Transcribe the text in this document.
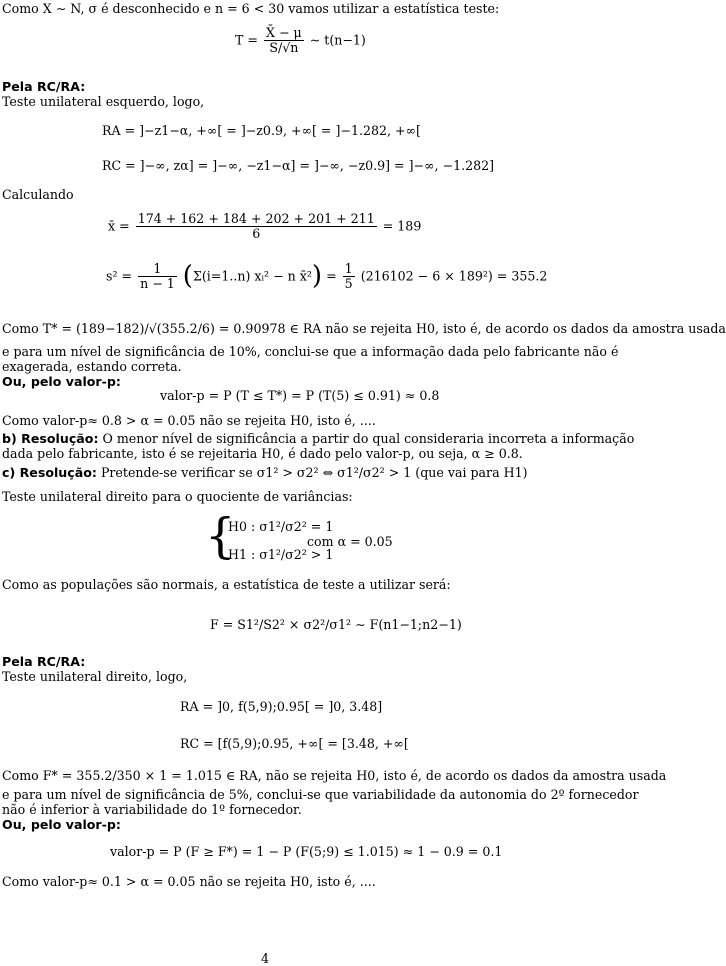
Como X ∼ N, σ é desconhecido e n = 6 < 30 vamos utilizar a estatística teste:
$T = \frac{X̄ - \mu}{S/√n}$ ∼ t(n−1)
Pela RC/RA:
Teste unilateral esquerdo, logo,
RA = ]−z1−α, +∞[ = ]−z0.9, +∞[ = ]−1.282, +∞[
RC = ]−∞, zα] = ]−∞, −z1−α] = ]−∞, −z0.9] = ]−∞, −1.282]
Calculando
x̄ = $\frac{174 + 162 + 184 + 202 + 201 + 211}{6} = 189$
$s^2 = \frac{1}{n - 1} (\Sigma(i=1..n)$ xᵢ² − n x̄²) = $\frac{1}{5} (216102 - 6 \times 189^2) = 355.2$
Como T* = (189−182)/√(355.2/6) = 0.90978 ∈ RA não se rejeita H0, isto é, de acordo os dados da amostra usada
e para um nível de significância de 10%, conclui-se que a informação dada pelo fabricante não é
exagerada, estando correta.
Ou, pelo valor-p:
valor-p = P (T ≤ T*) = P (T(5) ≤ 0.91) ≈ 0.8
Como valor-p≈ 0.8 > α = 0.05 não se rejeita H0, isto é, ....
b) Resolução: O menor nível de significância a partir do qual consideraria incorreta a informação
dada pelo fabricante, isto é se rejeitaria H0, é dado pelo valor-p, ou seja, α ≥ 0.8.
c) Resolução: Pretende-se verificar se σ1² > σ2² ⇔ σ1²/σ2² > 1 (que vai para H1)
Teste unilateral direito para o quociente de variâncias:
{
H0 : σ1²/σ2² = 1
H1 : σ1²/σ2² > 1
com α = 0.05
Como as populações são normais, a estatística de teste a utilizar será:
F = S1²/S2² × σ2²/σ1² ∼ F(n1−1;n2−1)
Pela RC/RA:
Teste unilateral direito, logo,
RA = ]0, f(5,9);0.95[ = ]0, 3.48]
RC = [f(5,9);0.95, +∞[ = [3.48, +∞[
Como F* = 355.2/350 × 1 = 1.015 ∈ RA, não se rejeita H0, isto é, de acordo os dados da amostra usada
e para um nível de significância de 5%, conclui-se que variabilidade da autonomia do 2º fornecedor
não é inferior à variabilidade do 1º fornecedor.
Ou, pelo valor-p:
valor-p = P (F ≥ F*) = 1 − P (F(5;9) ≤ 1.015) ≈ 1 − 0.9 = 0.1
Como valor-p≈ 0.1 > α = 0.05 não se rejeita H0, isto é, ....
4
